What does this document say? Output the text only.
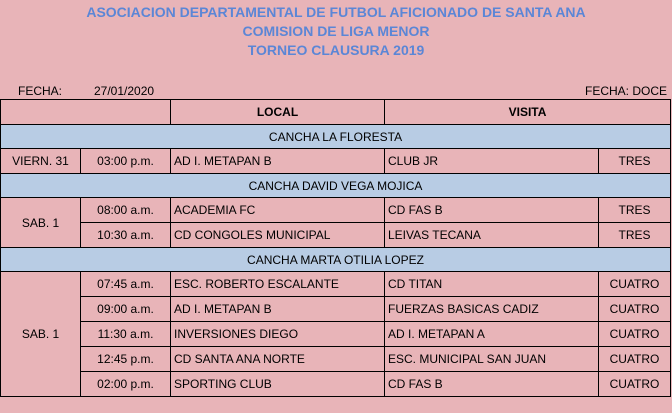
ASOCIACION DEPARTAMENTAL DE FUTBOL AFICIONADO DE SANTA ANA
COMISION DE LIGA MENOR
TORNEO CLAUSURA 2019
FECHA:	27/01/2020	FECHA: DOCE
		LOCAL	VISITA	
CANCHA LA FLORESTA				
VIERN. 31	03:00 p.m.	AD I. METAPAN B	CLUB JR	TRES
CANCHA DAVID VEGA MOJICA				
SAB. 1	08:00 a.m.	ACADEMIA FC	CD FAS B	TRES
	10:30 a.m.	CD CONGOLES MUNICIPAL	LEIVAS TECANA	TRES
CANCHA MARTA OTILIA LOPEZ				
SAB. 1	07:45 a.m.	ESC. ROBERTO ESCALANTE	CD TITAN	CUATRO
	09:00 a.m.	AD I. METAPAN B	FUERZAS BASICAS CADIZ	CUATRO
	11:30 a.m.	INVERSIONES DIEGO	AD I. METAPAN A	CUATRO
	12:45 p.m.	CD SANTA ANA NORTE	ESC. MUNICIPAL SAN JUAN	CUATRO
	02:00 p.m.	SPORTING CLUB	CD FAS B	CUATRO
